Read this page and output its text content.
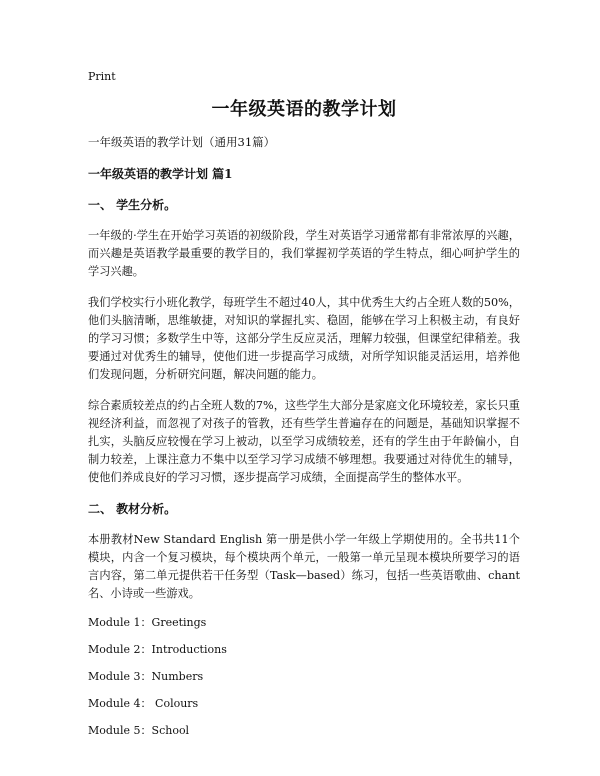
Print
一年级英语的教学计划
一年级英语的教学计划（通用31篇）
一年级英语的教学计划 篇1
一、 学生分析。

一年级的·学生在开始学习英语的初级阶段，学生对英语学习通常都有非常浓厚的兴趣，而兴趣是英语教学最重要的教学目的，我们掌握初学英语的学生特点，细心呵护学生的学习兴趣。

我们学校实行小班化教学，每班学生不超过40人，其中优秀生大约占全班人数的50%，他们头脑清晰，思维敏捷，对知识的掌握扎实、稳固，能够在学习上积极主动，有良好的学习习惯；多数学生中等，这部分学生反应灵活，理解力较强，但课堂纪律稍差。我要通过对优秀生的辅导，使他们进一步提高学习成绩，对所学知识能灵活运用，培养他们发现问题，分析研究问题，解决问题的能力。

综合素质较差点的约占全班人数的7%，这些学生大部分是家庭文化环境较差，家长只重视经济利益，而忽视了对孩子的管教，还有些学生普遍存在的问题是，基础知识掌握不扎实，头脑反应较慢在学习上被动，以至学习成绩较差，还有的学生由于年龄偏小，自制力较差，上课注意力不集中以至学习学习成绩不够理想。我要通过对待优生的辅导，使他们养成良好的学习习惯，逐步提高学习成绩，全面提高学生的整体水平。

二、 教材分析。

本册教材New Standard English 第一册是供小学一年级上学期使用的。全书共11个模块，内含一个复习模块，每个模块两个单元，一般第一单元呈现本模块所要学习的语言内容，第二单元提供若干任务型（Task—based）练习，包括一些英语歌曲、chant名、小诗或一些游戏。

Module 1：Greetings
Module 2：Introductions
Module 3：Numbers
Module 4： Colours
Module 5：School
